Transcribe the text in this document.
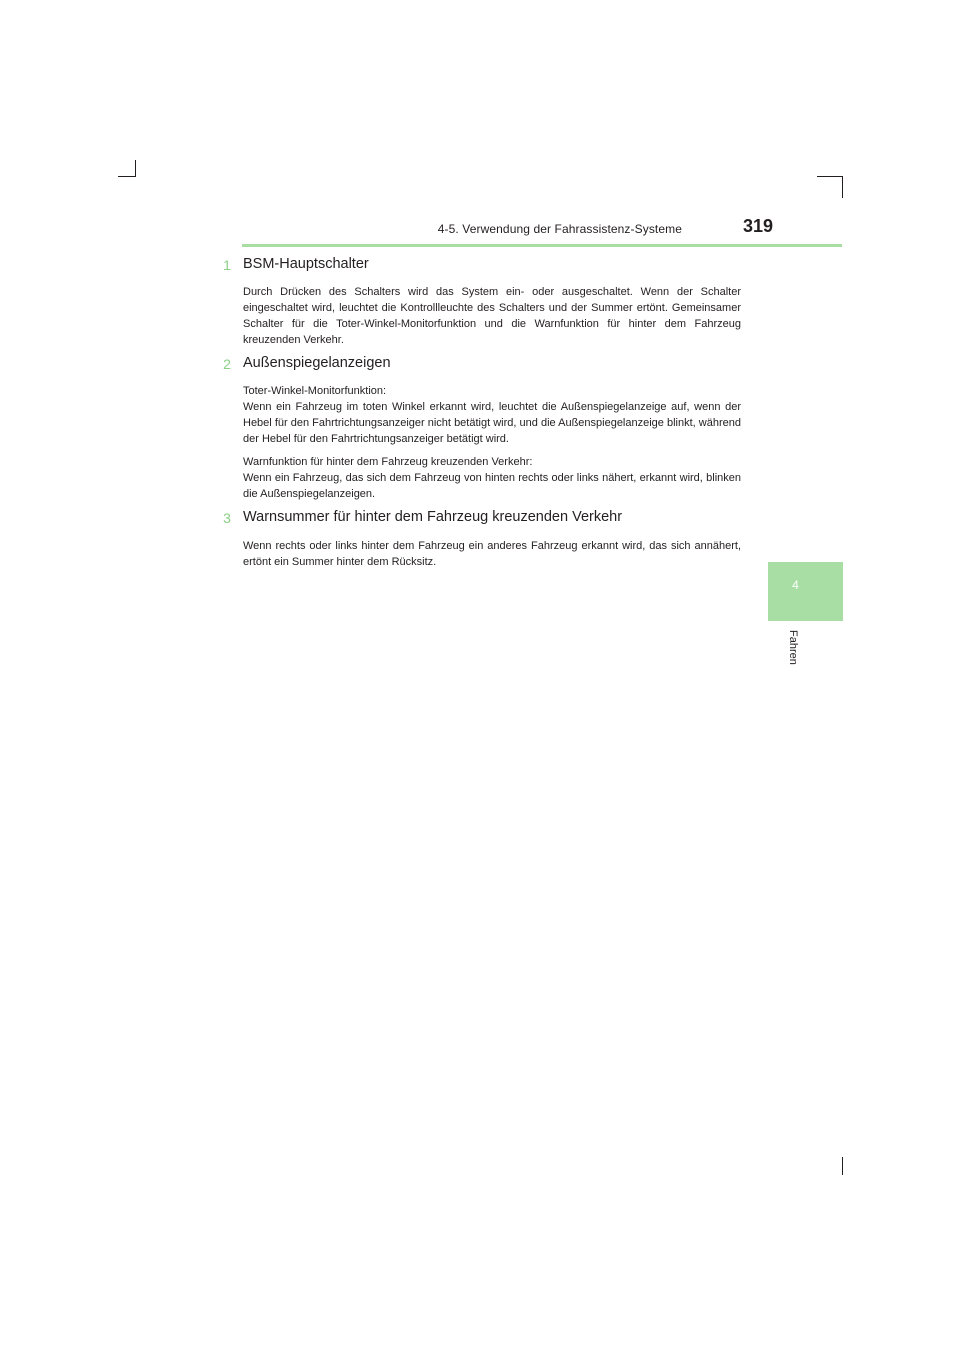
4-5. Verwendung der Fahrassistenz-Systeme	319
4
Fahren
1 BSM-Hauptschalter

Durch Drücken des Schalters wird das System ein- oder ausgeschaltet. Wenn der Schalter eingeschaltet wird, leuchtet die Kontrollleuchte des Schalters und der Summer ertönt. Gemeinsamer Schalter für die Toter-Winkel-Monitorfunktion und die Warnfunktion für hinter dem Fahrzeug kreuzenden Verkehr.

2 Außenspiegelanzeigen

Toter-Winkel-Monitorfunktion:
Wenn ein Fahrzeug im toten Winkel erkannt wird, leuchtet die Außenspiegelanzeige auf, wenn der Hebel für den Fahrtrichtungsanzeiger nicht betätigt wird, und die Außenspiegelanzeige blinkt, während der Hebel für den Fahrtrichtungsanzeiger betätigt wird.

Warnfunktion für hinter dem Fahrzeug kreuzenden Verkehr:
Wenn ein Fahrzeug, das sich dem Fahrzeug von hinten rechts oder links nähert, erkannt wird, blinken die Außenspiegelanzeigen.

3 Warnsummer für hinter dem Fahrzeug kreuzenden Verkehr

Wenn rechts oder links hinter dem Fahrzeug ein anderes Fahrzeug erkannt wird, das sich annähert, ertönt ein Summer hinter dem Rücksitz.
